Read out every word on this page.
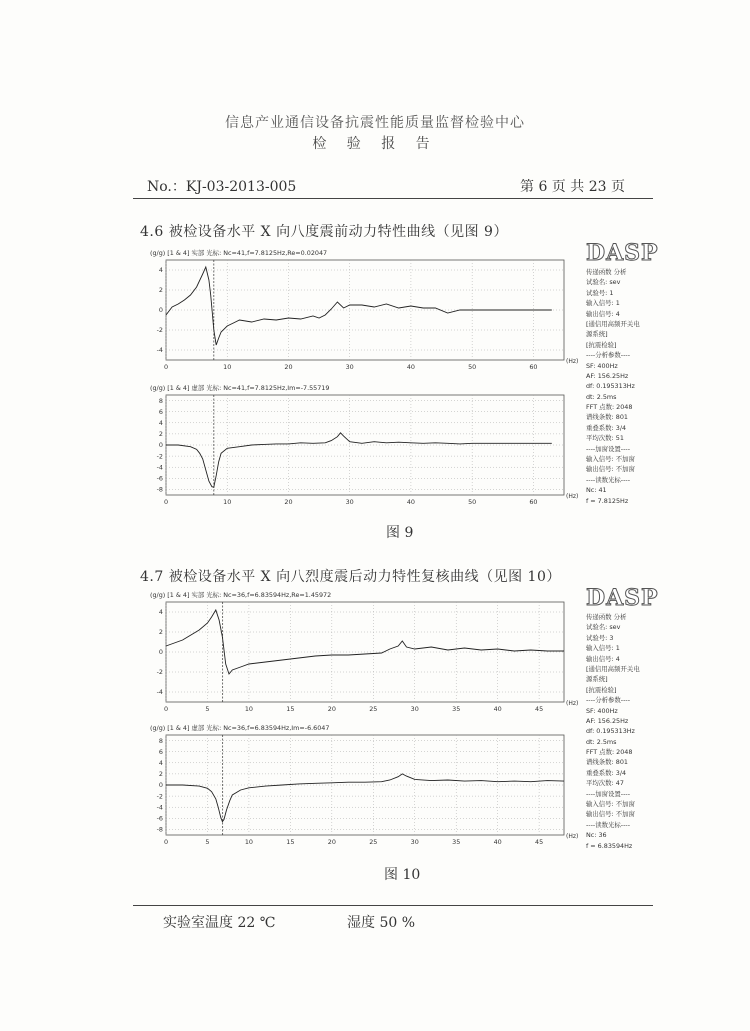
信息产业通信设备抗震性能质量监督检验中心
检 验 报 告
No.：KJ-03-2013-005	第 6 页 共 23 页
4.6 被检设备水平 X 向八度震前动力特性曲线（见图 9）
(g/g) [1 & 4] 实部 光标: Nc=41,f=7.8125Hz,Re=0.02047
4
2
0
-2
-4
0	10	20	30	40	50	60
(Hz)
(g/g) [1 & 4] 虚部 光标: Nc=41,f=7.8125Hz,Im=-7.55719
8
6
4
2
0
-2
-4
-6
-8
0	10	20	30	40	50	60
(Hz)
DASP
传递函数 分析
试验名: sev
试验号: 1
输入信号: 1
输出信号: 4
[通信用高频开关电
源系统]
[抗震检验]
----分析参数----
SF: 400Hz
AF: 156.25Hz
df: 0.195313Hz
dt: 2.5ms
FFT 点数: 2048
谱线条数: 801
重叠系数: 3/4
平均次数: 51
----加窗设置----
输入信号: 不加窗
输出信号: 不加窗
----读数光标----
Nc: 41
f = 7.8125Hz
图 9
4.7 被检设备水平 X 向八烈度震后动力特性复核曲线（见图 10）
(g/g) [1 & 4] 实部 光标: Nc=36,f=6.83594Hz,Re=1.45972
4
2
0
-2
-4
0	5	10	15	20	25	30	35	40	45
(Hz)
(g/g) [1 & 4] 虚部 光标: Nc=36,f=6.83594Hz,Im=-6.6047
8
6
4
2
0
-2
-4
-6
-8
0	5	10	15	20	25	30	35	40	45
(Hz)
DASP
传递函数 分析
试验名: sev
试验号: 3
输入信号: 1
输出信号: 4
[通信用高频开关电
源系统]
[抗震检验]
----分析参数----
SF: 400Hz
AF: 156.25Hz
df: 0.195313Hz
dt: 2.5ms
FFT 点数: 2048
谱线条数: 801
重叠系数: 3/4
平均次数: 47
----加窗设置----
输入信号: 不加窗
输出信号: 不加窗
----读数光标----
Nc: 36
f = 6.83594Hz
图 10
实验室温度 22 ℃	湿度 50 %
